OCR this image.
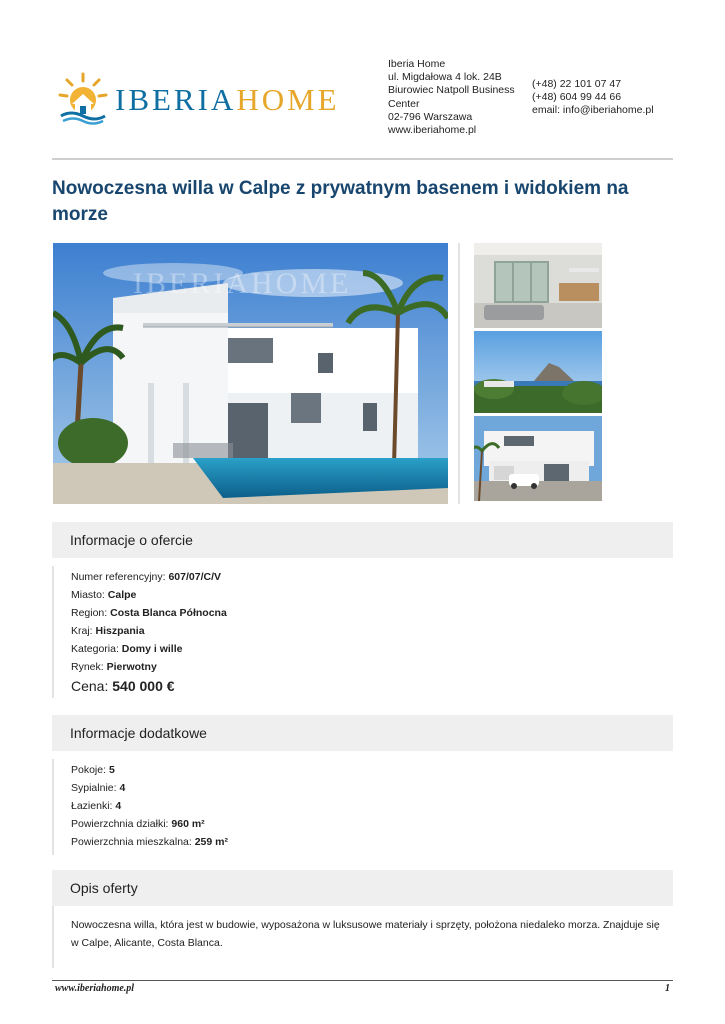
IBERIAHOME
Iberia Home
ul. Migdałowa 4 lok. 24B
Biurowiec Natpoll Business Center
02-796 Warszawa
www.iberiahome.pl
(+48) 22 101 07 47
(+48) 604 99 44 66
email: info@iberiahome.pl
Nowoczesna willa w Calpe z prywatnym basenem i widokiem na morze
IBERIAHOME
Informacje o ofercie
Numer referencyjny: 607/07/C/V
Miasto: Calpe
Region: Costa Blanca Północna
Kraj: Hiszpania
Kategoria: Domy i wille
Rynek: Pierwotny
Cena: 540 000 €
Informacje dodatkowe
Pokoje: 5
Sypialnie: 4
Łazienki: 4
Powierzchnia działki: 960 m²
Powierzchnia mieszkalna: 259 m²
Opis oferty
Nowoczesna willa, która jest w budowie, wyposażona w luksusowe materiały i sprzęty, położona niedaleko morza. Znajduje się w Calpe, Alicante, Costa Blanca.
www.iberiahome.pl	1
